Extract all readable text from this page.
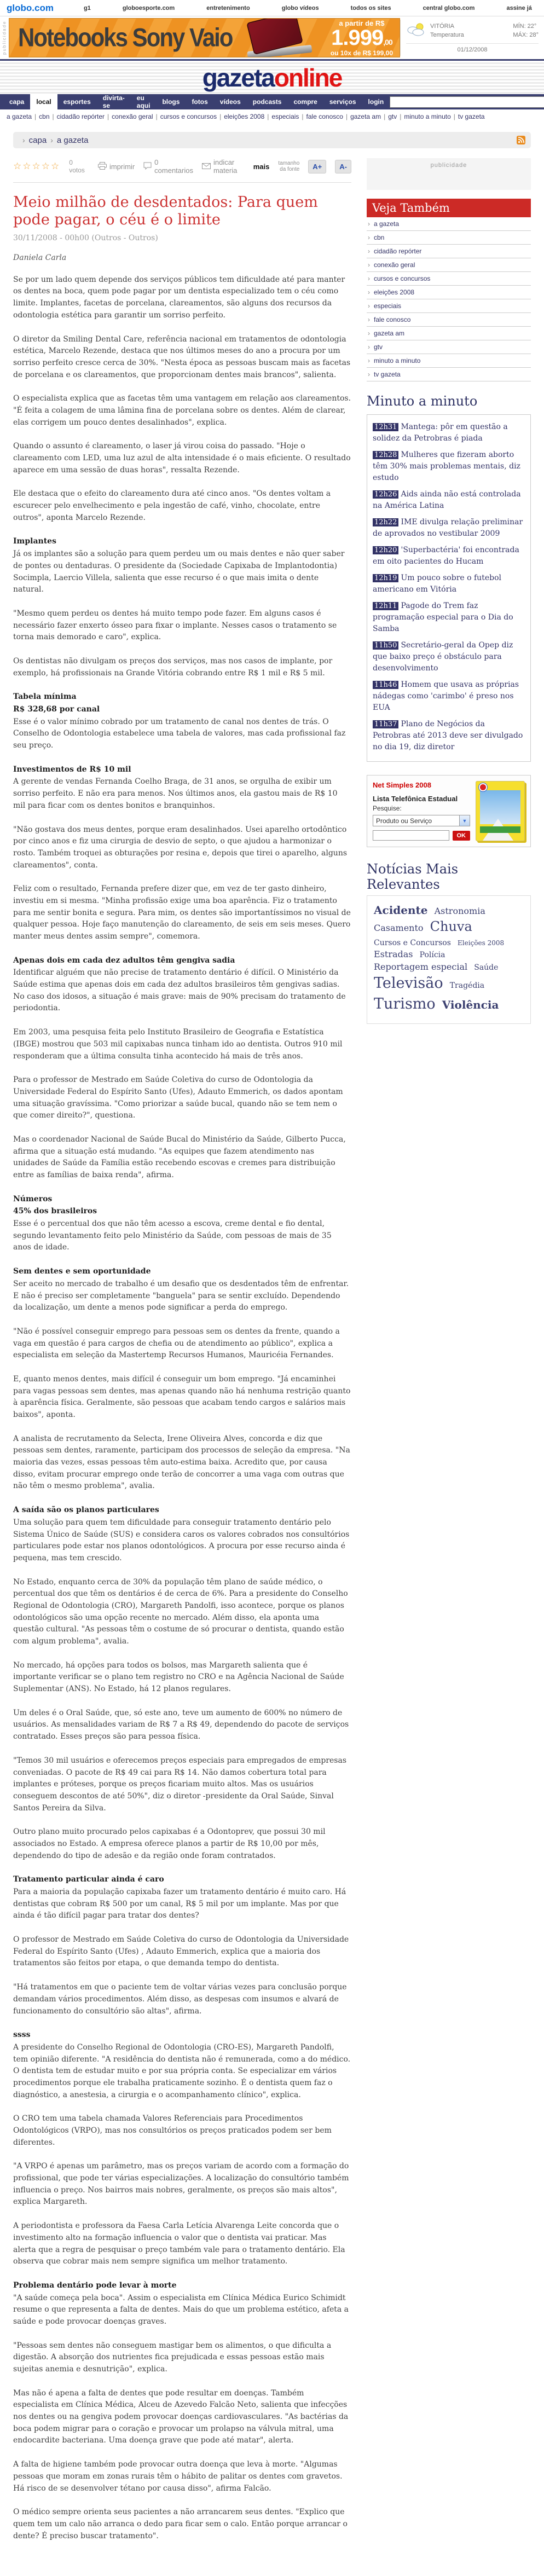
globo.com	g1	globoesporte.com	entretenimento	globo vídeos	todos os sites	central globo.com	assine já
publicidade Notebooks Sony Vaio
a partir de R$
1.999,00
ou 10x de R$ 199,00
VITÓRIA
Temperatura
MÍN: 22°
MÁX: 28°
01/12/2008
gazetaonline
capa	local	esportes	divirta-se
eu aqui	blogs	fotos	vídeos	podcasts	compre	serviços	login
a gazeta | cbn | cidadão repórter | conexão geral | cursos e concursos | eleições 2008 | especiais | fale conosco | gazeta am | gtv | minuto a minuto | tv gazeta
› capa › a gazeta
☆☆☆☆☆ 0 votos	imprimir	0 comentarios
indicar materia	mais tamanho da fonte	A+	A-
Meio milhão de desdentados: Para quem pode pagar, o céu é o limite
30/11/2008 - 00h00 (Outros - Outros)
Daniela Carla

Se por um lado quem depende dos serviços públicos tem dificuldade até para manter os dentes na boca, quem pode pagar por um dentista especializado tem o céu como limite. Implantes, facetas de porcelana, clareamentos, são alguns dos recursos da odontologia estética para garantir um sorriso perfeito.

O diretor da Smiling Dental Care, referência nacional em tratamentos de odontologia estética, Marcelo Rezende, destaca que nos últimos meses do ano a procura por um sorriso perfeito cresce cerca de 30%. "Nesta época as pessoas buscam mais as facetas de porcelana e os clareamentos, que proporcionam dentes mais brancos", salienta.

O especialista explica que as facetas têm uma vantagem em relação aos clareamentos. "É feita a colagem de uma lâmina fina de porcelana sobre os dentes. Além de clarear, elas corrigem um pouco dentes desalinhados", explica.

Quando o assunto é clareamento, o laser já virou coisa do passado. "Hoje o clareamento com LED, uma luz azul de alta intensidade é o mais eficiente. O resultado aparece em uma sessão de duas horas", ressalta Rezende.

Ele destaca que o efeito do clareamento dura até cinco anos. "Os dentes voltam a escurecer pelo envelhecimento e pela ingestão de café, vinho, chocolate, entre outros", aponta Marcelo Rezende.

Implantes

Já os implantes são a solução para quem perdeu um ou mais dentes e não quer saber de pontes ou dentaduras. O presidente da (Sociedade Capixaba de Implantodontia) Socimpla, Laercio Villela, salienta que esse recurso é o que mais imita o dente natural.

"Mesmo quem perdeu os dentes há muito tempo pode fazer. Em alguns casos é necessário fazer enxerto ósseo para fixar o implante. Nesses casos o tratamento se torna mais demorado e caro", explica.

Os dentistas não divulgam os preços dos serviços, mas nos casos de implante, por exemplo, há profissionais na Grande Vitória cobrando entre R$ 1 mil e R$ 5 mil.

Tabela mínima

R$ 328,68 por canal

Esse é o valor mínimo cobrado por um tratamento de canal nos dentes de trás. O Conselho de Odontologia estabelece uma tabela de valores, mas cada profissional faz seu preço.

Investimentos de R$ 10 mil

A gerente de vendas Fernanda Coelho Braga, de 31 anos, se orgulha de exibir um sorriso perfeito. E não era para menos. Nos últimos anos, ela gastou mais de R$ 10 mil para ficar com os dentes bonitos e branquinhos.

"Não gostava dos meus dentes, porque eram desalinhados. Usei aparelho ortodôntico por cinco anos e fiz uma cirurgia de desvio de septo, o que ajudou a harmonizar o rosto. Também troquei as obturações por resina e, depois que tirei o aparelho, alguns clareamentos", conta.

Feliz com o resultado, Fernanda prefere dizer que, em vez de ter gasto dinheiro, investiu em si mesma. "Minha profissão exige uma boa aparência. Fiz o tratamento para me sentir bonita e segura. Para mim, os dentes são importantíssimos no visual de qualquer pessoa. Hoje faço manutenção do clareamento, de seis em seis meses. Quero manter meus dentes assim sempre", comemora.

Apenas dois em cada dez adultos têm gengiva sadia

Identificar alguém que não precise de tratamento dentário é difícil. O Ministério da Saúde estima que apenas dois em cada dez adultos brasileiros têm gengivas sadias. No caso dos idosos, a situação é mais grave: mais de 90% precisam do tratamento de periodontia.

Em 2003, uma pesquisa feita pelo Instituto Brasileiro de Geografia e Estatística (IBGE) mostrou que 503 mil capixabas nunca tinham ido ao dentista. Outros 910 mil responderam que a última consulta tinha acontecido há mais de três anos.

Para o professor de Mestrado em Saúde Coletiva do curso de Odontologia da Universidade Federal do Espírito Santo (Ufes), Adauto Emmerich, os dados apontam uma situação gravíssima. "Como priorizar a saúde bucal, quando não se tem nem o que comer direito?", questiona.

Mas o coordenador Nacional de Saúde Bucal do Ministério da Saúde, Gilberto Pucca, afirma que a situação está mudando. "As equipes que fazem atendimento nas unidades de Saúde da Família estão recebendo escovas e cremes para distribuição entre as famílias de baixa renda", afirma.

Números

45% dos brasileiros

Esse é o percentual dos que não têm acesso a escova, creme dental e fio dental, segundo levantamento feito pelo Ministério da Saúde, com pessoas de mais de 35 anos de idade.

Sem dentes e sem oportunidade

Ser aceito no mercado de trabalho é um desafio que os desdentados têm de enfrentar. E não é preciso ser completamente "banguela" para se sentir excluído. Dependendo da localização, um dente a menos pode significar a perda do emprego.

"Não é possível conseguir emprego para pessoas sem os dentes da frente, quando a vaga em questão é para cargos de chefia ou de atendimento ao público", explica a especialista em seleção da Mastertemp Recursos Humanos, Mauricéia Fernandes.

E, quanto menos dentes, mais difícil é conseguir um bom emprego. "Já encaminhei para vagas pessoas sem dentes, mas apenas quando não há nenhuma restrição quanto à aparência física. Geralmente, são pessoas que acabam tendo cargos e salários mais baixos", aponta.

A analista de recrutamento da Selecta, Irene Oliveira Alves, concorda e diz que pessoas sem dentes, raramente, participam dos processos de seleção da empresa. "Na maioria das vezes, essas pessoas têm auto-estima baixa. Acredito que, por causa disso, evitam procurar emprego onde terão de concorrer a uma vaga com outras que não têm o mesmo problema", avalia.

A saída são os planos particulares

Uma solução para quem tem dificuldade para conseguir tratamento dentário pelo Sistema Único de Saúde (SUS) e considera caros os valores cobrados nos consultórios particulares pode estar nos planos odontológicos. A procura por esse recurso ainda é pequena, mas tem crescido.

No Estado, enquanto cerca de 30% da população têm plano de saúde médico, o percentual dos que têm os dentários é de cerca de 6%. Para a presidente do Conselho Regional de Odontologia (CRO), Margareth Pandolfi, isso acontece, porque os planos odontológicos são uma opção recente no mercado. Além disso, ela aponta uma questão cultural. "As pessoas têm o costume de só procurar o dentista, quando estão com algum problema", avalia.

No mercado, há opções para todos os bolsos, mas Margareth salienta que é importante verificar se o plano tem registro no CRO e na Agência Nacional de Saúde Suplementar (ANS). No Estado, há 12 planos regulares.

Um deles é o Oral Saúde, que, só este ano, teve um aumento de 600% no número de usuários. As mensalidades variam de R$ 7 a R$ 49, dependendo do pacote de serviços contratado. Esses preços são para pessoa física.

"Temos 30 mil usuários e oferecemos preços especiais para empregados de empresas conveniadas. O pacote de R$ 49 cai para R$ 14. Não damos cobertura total para implantes e próteses, porque os preços ficariam muito altos. Mas os usuários conseguem descontos de até 50%", diz o diretor -presidente da Oral Saúde, Sinval Santos Pereira da Silva.

Outro plano muito procurado pelos capixabas é a Odontoprev, que possui 30 mil associados no Estado. A empresa oferece planos a partir de R$ 10,00 por mês, dependendo do tipo de adesão e da região onde foram contratados.

Tratamento particular ainda é caro

Para a maioria da população capixaba fazer um tratamento dentário é muito caro. Há dentistas que cobram R$ 500 por um canal, R$ 5 mil por um implante. Mas por que ainda é tão difícil pagar para tratar dos dentes?

O professor de Mestrado em Saúde Coletiva do curso de Odontologia da Universidade Federal do Espírito Santo (Ufes) , Adauto Emmerich, explica que a maioria dos tratamentos são feitos por etapa, o que demanda tempo do dentista.

"Há tratamentos em que o paciente tem de voltar várias vezes para conclusão porque demandam vários procedimentos. Além disso, as despesas com insumos e alvará de funcionamento do consultório são altas", afirma.

ssss

A presidente do Conselho Regional de Odontologia (CRO-ES), Margareth Pandolfi, tem opinião diferente. "A residência do dentista não é remunerada, como a do médico. O dentista tem de estudar muito e por sua própria conta. Se especializar em vários procedimentos porque ele trabalha praticamente sozinho. É o dentista quem faz o diagnóstico, a anestesia, a cirurgia e o acompanhamento clínico", explica.

O CRO tem uma tabela chamada Valores Referenciais para Procedimentos Odontológicos (VRPO), mas nos consultórios os preços praticados podem ser bem diferentes.

"A VRPO é apenas um parâmetro, mas os preços variam de acordo com a formação do profissional, que pode ter várias especializações. A localização do consultório também influencia o preço. Nos bairros mais nobres, geralmente, os preços são mais altos", explica Margareth.

A periodontista e professora da Faesa Carla Letícia Alvarenga Leite concorda que o investimento alto na formação influencia o valor que o dentista vai praticar. Mas alerta que a regra de pesquisar o preço também vale para o tratamento dentário. Ela observa que cobrar mais nem sempre significa um melhor tratamento.

Problema dentário pode levar à morte

"A saúde começa pela boca". Assim o especialista em Clínica Médica Eurico Schimidt resume o que representa a falta de dentes. Mais do que um problema estético, afeta a saúde e pode provocar doenças graves.

"Pessoas sem dentes não conseguem mastigar bem os alimentos, o que dificulta a digestão. A absorção dos nutrientes fica prejudicada e essas pessoas estão mais sujeitas anemia e desnutrição", explica.

Mas não é apena a falta de dentes que pode resultar em doenças. Também especialista em Clínica Médica, Alceu de Azevedo Falcão Neto, salienta que infecções nos dentes ou na gengiva podem provocar doenças cardiovasculares. "As bactérias da boca podem migrar para o coração e provocar um prolapso na válvula mitral, uma endocardite bacteriana. Uma doença grave que pode até matar", alerta.

A falta de higiene também pode provocar outra doença que leva à morte. "Algumas pessoas que moram em zonas rurais têm o hábito de palitar os dentes com gravetos. Há risco de se desenvolver tétano por causa disso", afirma Falcão.

O médico sempre orienta seus pacientes a não arrancarem seus dentes. "Explico que quem tem um calo não arranca o dedo para ficar sem o calo. Então porque arrancar o dente? É preciso buscar tratamento".

publicidade
Veja Também
› a gazeta
› cbn
› cidadão repórter
› conexão geral
› cursos e concursos
› eleições 2008
› especiais
› fale conosco
› gazeta am
› gtv
› minuto a minuto
› tv gazeta
Minuto a minuto
12h31 Mantega: pôr em questão a solidez da Petrobras é piada
12h28 Mulheres que fizeram aborto têm 30% mais problemas mentais, diz estudo
12h26 Aids ainda não está controlada na América Latina
12h22 IME divulga relação preliminar de aprovados no vestibular 2009
12h20 'Superbactéria' foi encontrada em oito pacientes do Hucam
12h19 Um pouco sobre o futebol americano em Vitória
12h11 Pagode do Trem faz programação especial para o Dia do Samba
11h50 Secretário-geral da Opep diz que baixo preço é obstáculo para desenvolvimento
11h46 Homem que usava as próprias nádegas como 'carimbo' é preso nos EUA
11h37 Plano de Negócios da Petrobras até 2013 deve ser divulgado no dia 19, diz diretor
Net Simples 2008
Lista Telefônica Estadual
Pesquise:
Produto ou Serviço	▼
OK
Notícias Mais Relevantes
Acidente Astronomia Casamento Chuva Cursos e Concursos Eleições 2008 Estradas Polícia Reportagem especial Saúde Televisão Tragédia Turismo Violência
